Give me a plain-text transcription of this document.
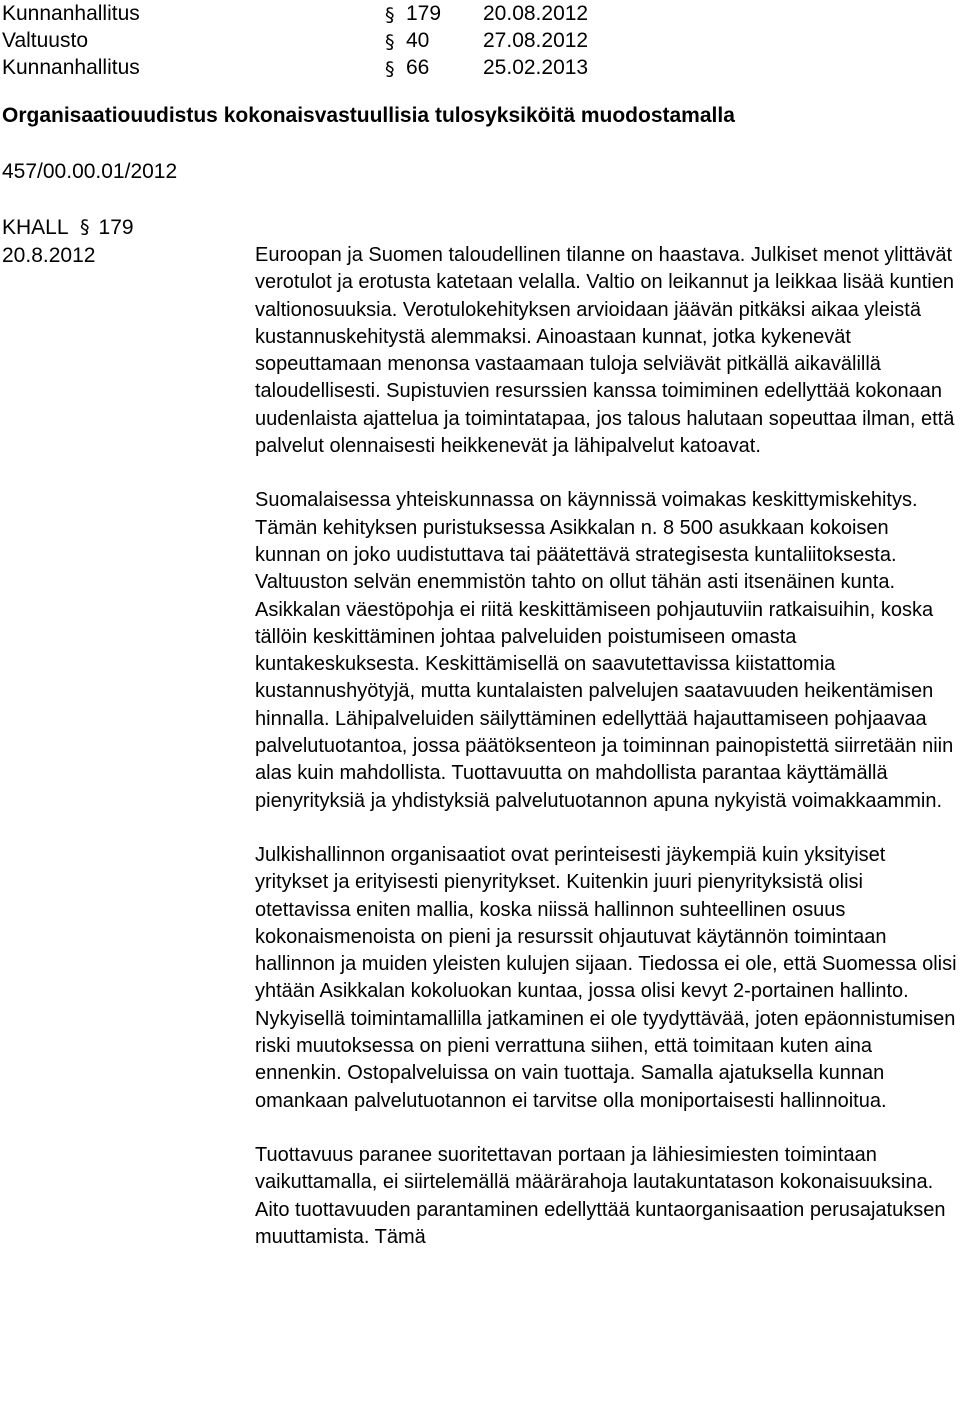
Kunnanhallitus	§ 179 20.08.2012
Valtuusto	§ 40	27.08.2012
Kunnanhallitus	§ 66	25.02.2013
Organisaatiouudistus kokonaisvastuullisia tulosyksiköitä muodostamalla
457/00.00.01/2012
KHALL § 179
20.8.2012	Euroopan ja Suomen taloudellinen tilanne on haastava. Julkiset menot ylittävät verotulot ja erotusta katetaan velalla. Valtio on leikannut ja leikkaa lisää kuntien valtionosuuksia. Verotulokehityksen arvioidaan jäävän pitkäksi aikaa yleistä kustannuskehitystä alemmaksi. Ainoastaan kunnat, jotka kykenevät sopeuttamaan menonsa vastaamaan tuloja selviävät pitkällä aikavälillä taloudellisesti. Supistuvien resurssien kanssa toimiminen edellyttää kokonaan uudenlaista ajattelua ja toimintatapaa, jos talous halutaan sopeuttaa ilman, että palvelut olennaisesti heikkenevät ja lähipalvelut katoavat.

Suomalaisessa yhteiskunnassa on käynnissä voimakas keskittymiskehitys. Tämän kehityksen puristuksessa Asikkalan n. 8 500 asukkaan kokoisen kunnan on joko uudistuttava tai päätettävä strategisesta kuntaliitoksesta. Valtuuston selvän enemmistön tahto on ollut tähän asti itsenäinen kunta. Asikkalan väestöpohja ei riitä keskittämiseen pohjautuviin ratkaisuihin, koska tällöin keskittäminen johtaa palveluiden poistumiseen omasta kuntakeskuksesta. Keskittämisellä on saavutettavissa kiistattomia kustannushyötyjä, mutta kuntalaisten palvelujen saatavuuden heikentämisen hinnalla. Lähipalveluiden säilyttäminen edellyttää hajauttamiseen pohjaavaa palvelutuotantoa, jossa päätöksenteon ja toiminnan painopistettä siirretään niin alas kuin mahdollista. Tuottavuutta on mahdollista parantaa käyttämällä pienyrityksiä ja yhdistyksiä palvelutuotannon apuna nykyistä voimakkaammin.

Julkishallinnon organisaatiot ovat perinteisesti jäykempiä kuin yksityiset yritykset ja erityisesti pienyritykset. Kuitenkin juuri pienyrityksistä olisi otettavissa eniten mallia, koska niissä hallinnon suhteellinen osuus kokonaismenoista on pieni ja resurssit ohjautuvat käytännön toimintaan hallinnon ja muiden yleisten kulujen sijaan. Tiedossa ei ole, että Suomessa olisi yhtään Asikkalan kokoluokan kuntaa, jossa olisi kevyt 2-portainen hallinto. Nykyisellä toimintamallilla jatkaminen ei ole tyydyttävää, joten epäonnistumisen riski muutoksessa on pieni verrattuna siihen, että toimitaan kuten aina ennenkin. Ostopalveluissa on vain tuottaja. Samalla ajatuksella kunnan omankaan palvelutuotannon ei tarvitse olla moniportaisesti hallinnoitua.

Tuottavuus paranee suoritettavan portaan ja lähiesimiesten toimintaan vaikuttamalla, ei siirtelemällä määrärahoja lautakuntatason kokonaisuuksina. Aito tuottavuuden parantaminen edellyttää kuntaorganisaation perusajatuksen muuttamista. Tämä
